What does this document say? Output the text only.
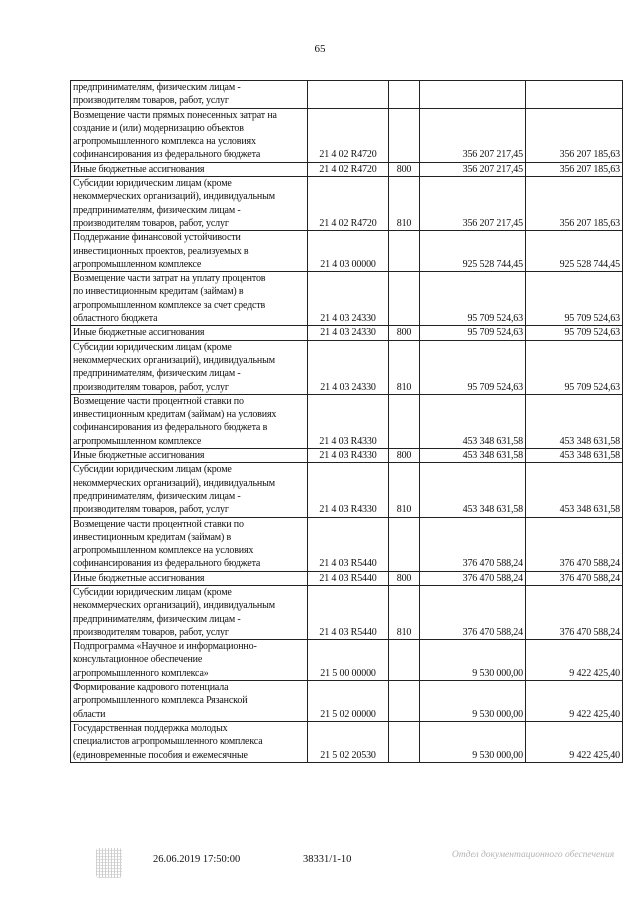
65
предпринимателям, физическим лицам -
производителям товаров, работ, услуг				

Возмещение части прямых понесенных затрат на
создание и (или) модернизацию объектов
агропромышленного комплекса на условиях
софинансирования из федерального бюджета	21 4 02 R4720		356 207 217,45	356 207 185,63

Иные бюджетные ассигнования	21 4 02 R4720	800	356 207 217,45	356 207 185,63

Субсидии юридическим лицам (кроме
некоммерческих организаций), индивидуальным
предпринимателям, физическим лицам -
производителям товаров, работ, услуг	21 4 02 R4720	810	356 207 217,45	356 207 185,63

Поддержание финансовой устойчивости
инвестиционных проектов, реализуемых в
агропромышленном комплексе	21 4 03 00000		925 528 744,45	925 528 744,45

Возмещение части затрат на уплату процентов
по инвестиционным кредитам (займам) в
агропромышленном комплексе за счет средств
областного бюджета	21 4 03 24330		95 709 524,63	95 709 524,63

Иные бюджетные ассигнования	21 4 03 24330	800	95 709 524,63	95 709 524,63

Субсидии юридическим лицам (кроме
некоммерческих организаций), индивидуальным
предпринимателям, физическим лицам -
производителям товаров, работ, услуг	21 4 03 24330	810	95 709 524,63	95 709 524,63

Возмещение части процентной ставки по
инвестиционным кредитам (займам) на условиях
софинансирования из федерального бюджета в
агропромышленном комплексе	21 4 03 R4330		453 348 631,58	453 348 631,58

Иные бюджетные ассигнования	21 4 03 R4330	800	453 348 631,58	453 348 631,58

Субсидии юридическим лицам (кроме
некоммерческих организаций), индивидуальным
предпринимателям, физическим лицам -
производителям товаров, работ, услуг	21 4 03 R4330	810	453 348 631,58	453 348 631,58

Возмещение части процентной ставки по
инвестиционным кредитам (займам) в
агропромышленном комплексе на условиях
софинансирования из федерального бюджета	21 4 03 R5440		376 470 588,24	376 470 588,24

Иные бюджетные ассигнования	21 4 03 R5440	800	376 470 588,24	376 470 588,24

Субсидии юридическим лицам (кроме
некоммерческих организаций), индивидуальным
предпринимателям, физическим лицам -
производителям товаров, работ, услуг	21 4 03 R5440	810	376 470 588,24	376 470 588,24

Подпрограмма «Научное и информационно-
консультационное обеспечение
агропромышленного комплекса»	21 5 00 00000		9 530 000,00	9 422 425,40

Формирование кадрового потенциала
агропромышленного комплекса Рязанской
области	21 5 02 00000		9 530 000,00	9 422 425,40

Государственная поддержка молодых
специалистов агропромышленного комплекса
(единовременные пособия и ежемесячные	21 5 02 20530		9 530 000,00	9 422 425,40
26.06.2019 17:50:00	38331/1-10	Отдел документационного обеспечения
